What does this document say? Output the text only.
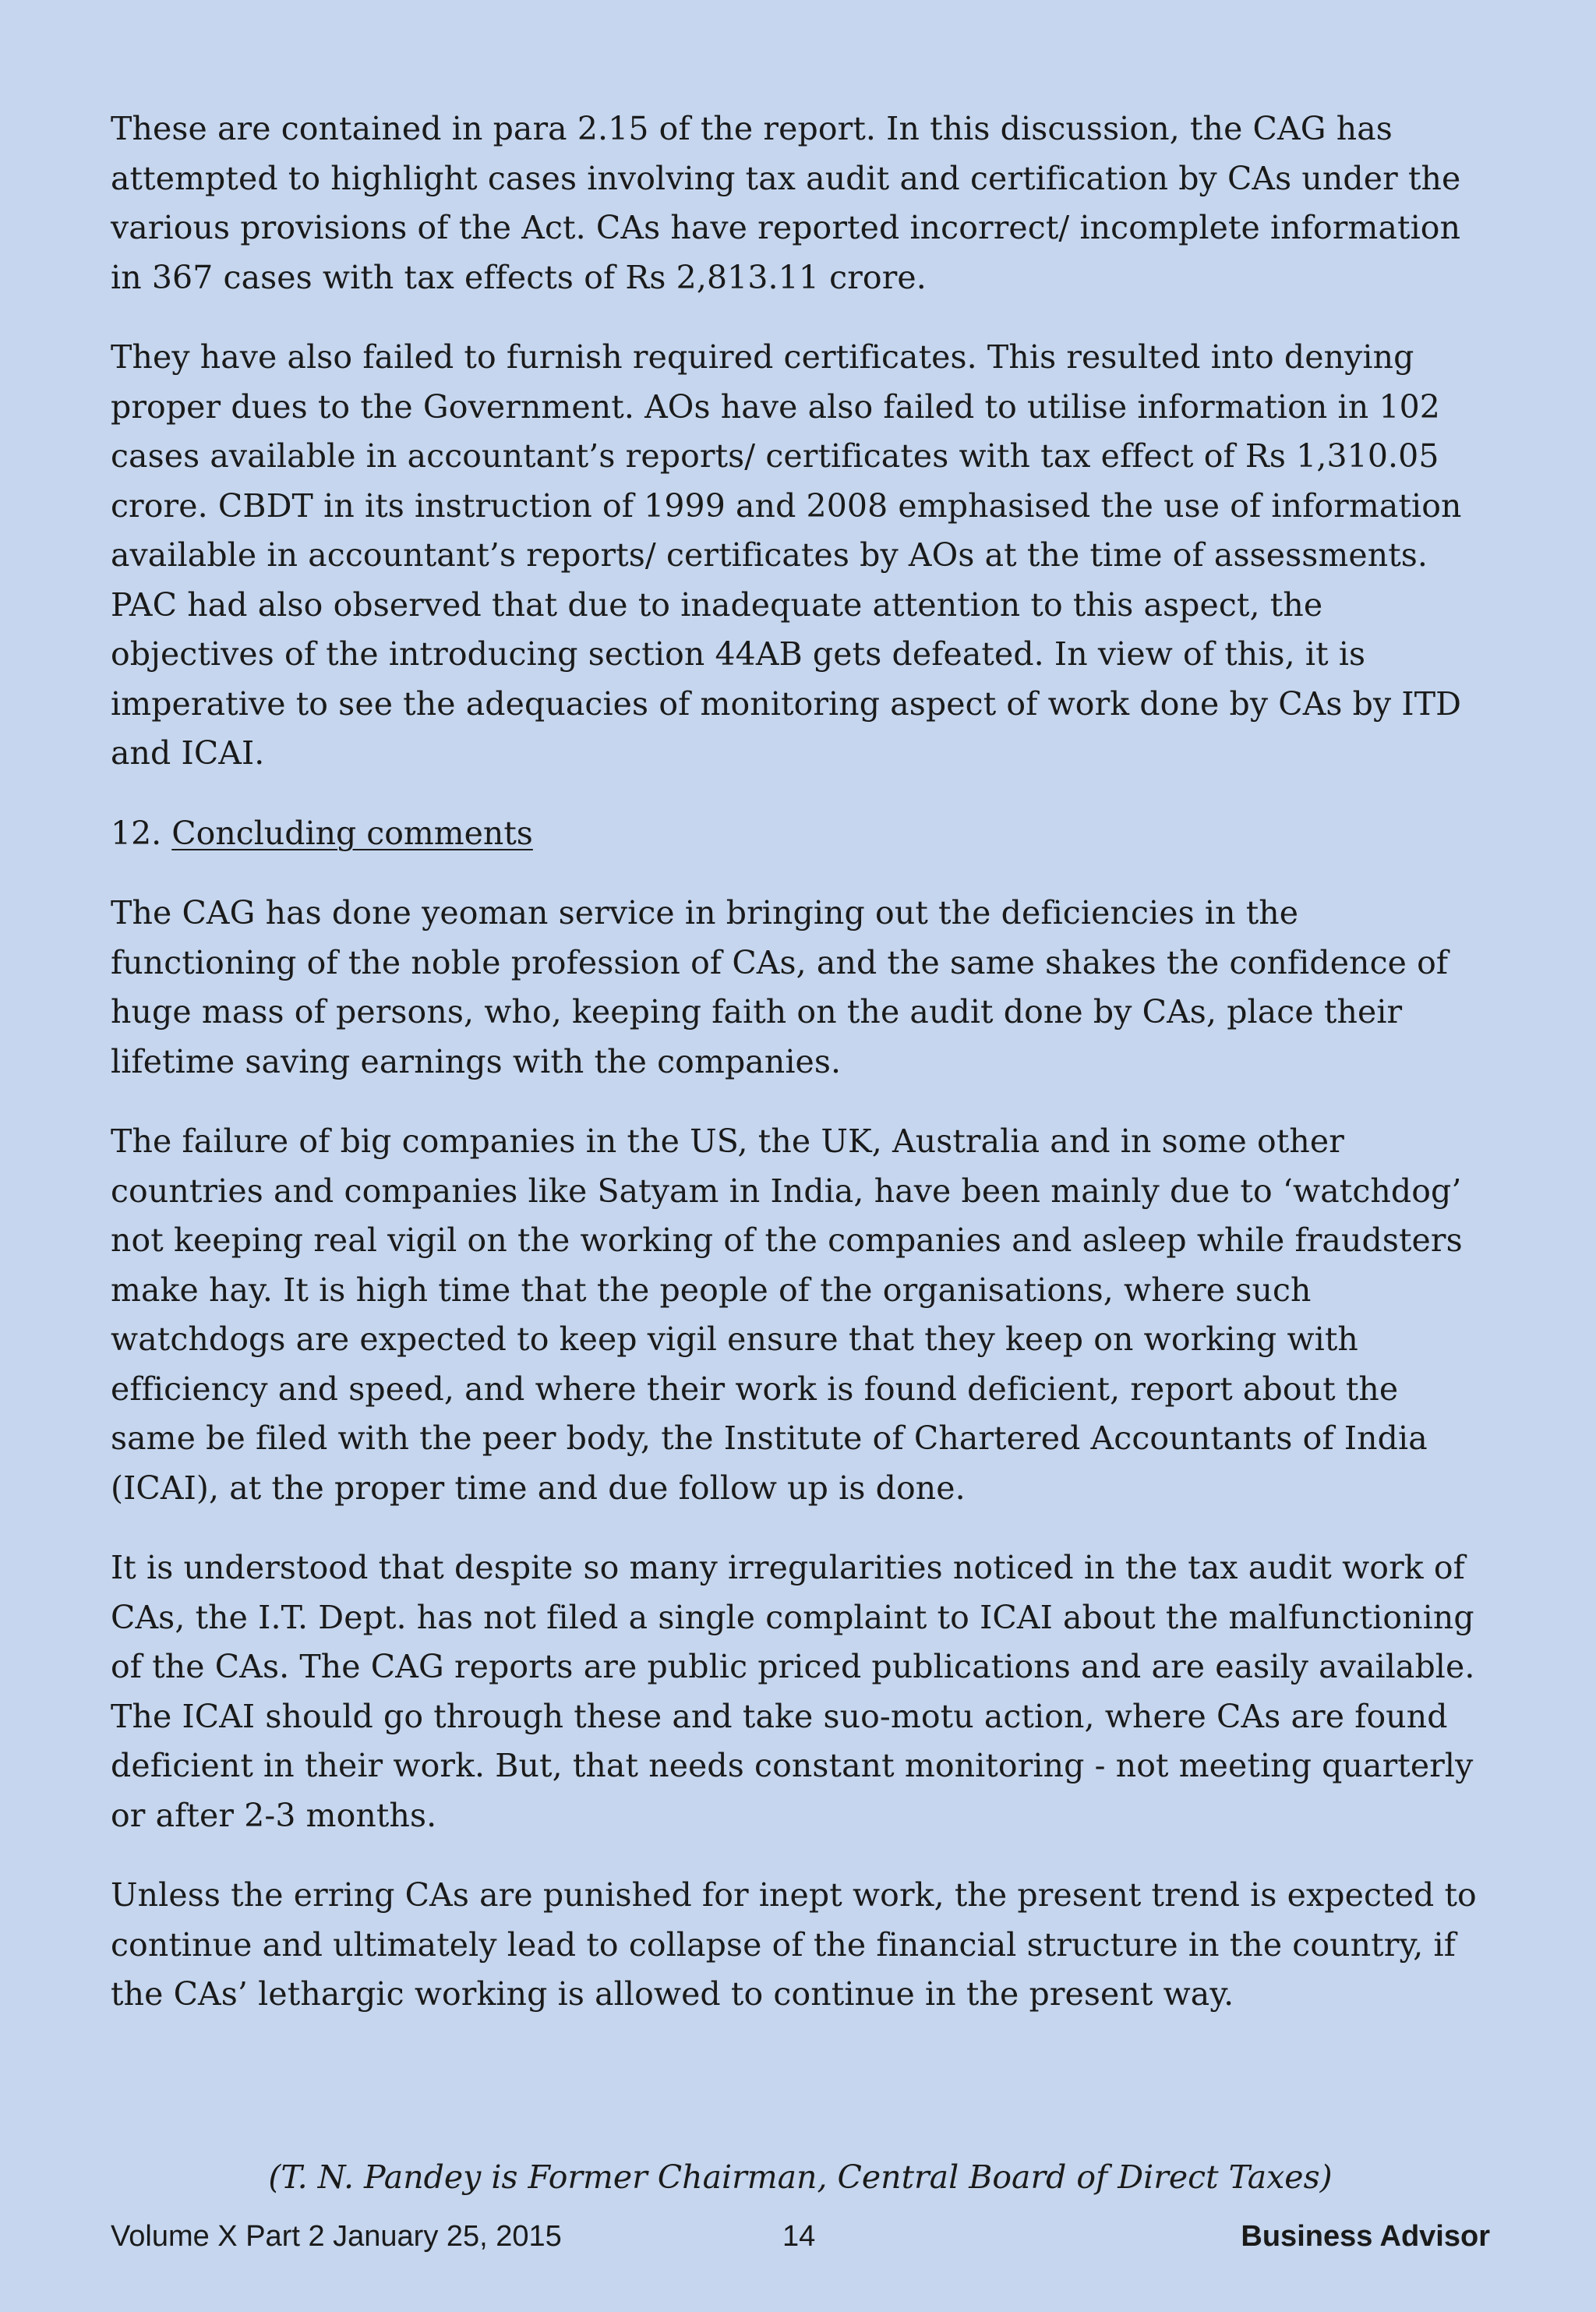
These are contained in para 2.15 of the report. In this discussion, the CAG has attempted to highlight cases involving tax audit and certification by CAs under the various provisions of the Act. CAs have reported incorrect/ incomplete information in 367 cases with tax effects of Rs 2,813.11 crore.

They have also failed to furnish required certificates. This resulted into denying proper dues to the Government. AOs have also failed to utilise information in 102 cases available in accountant’s reports/ certificates with tax effect of Rs 1,310.05 crore. CBDT in its instruction of 1999 and 2008 emphasised the use of information available in accountant’s reports/ certificates by AOs at the time of assessments. PAC had also observed that due to inadequate attention to this aspect, the objectives of the introducing section 44AB gets defeated. In view of this, it is imperative to see the adequacies of monitoring aspect of work done by CAs by ITD and ICAI.

12. Concluding comments

The CAG has done yeoman service in bringing out the deficiencies in the functioning of the noble profession of CAs, and the same shakes the confidence of huge mass of persons, who, keeping faith on the audit done by CAs, place their lifetime saving earnings with the companies.

The failure of big companies in the US, the UK, Australia and in some other countries and companies like Satyam in India, have been mainly due to ‘watchdog’ not keeping real vigil on the working of the companies and asleep while fraudsters make hay. It is high time that the people of the organisations, where such watchdogs are expected to keep vigil ensure that they keep on working with efficiency and speed, and where their work is found deficient, report about the same be filed with the peer body, the Institute of Chartered Accountants of India (ICAI), at the proper time and due follow up is done.

It is understood that despite so many irregularities noticed in the tax audit work of CAs, the I.T. Dept. has not filed a single complaint to ICAI about the malfunctioning of the CAs. The CAG reports are public priced publications and are easily available. The ICAI should go through these and take suo-motu action, where CAs are found deficient in their work. But, that needs constant monitoring - not meeting quarterly or after 2-3 months.

Unless the erring CAs are punished for inept work, the present trend is expected to continue and ultimately lead to collapse of the financial structure in the country, if the CAs’ lethargic working is allowed to continue in the present way.

(T. N. Pandey is Former Chairman, Central Board of Direct Taxes)

Volume X Part 2 January 25, 2015	14	Business Advisor
